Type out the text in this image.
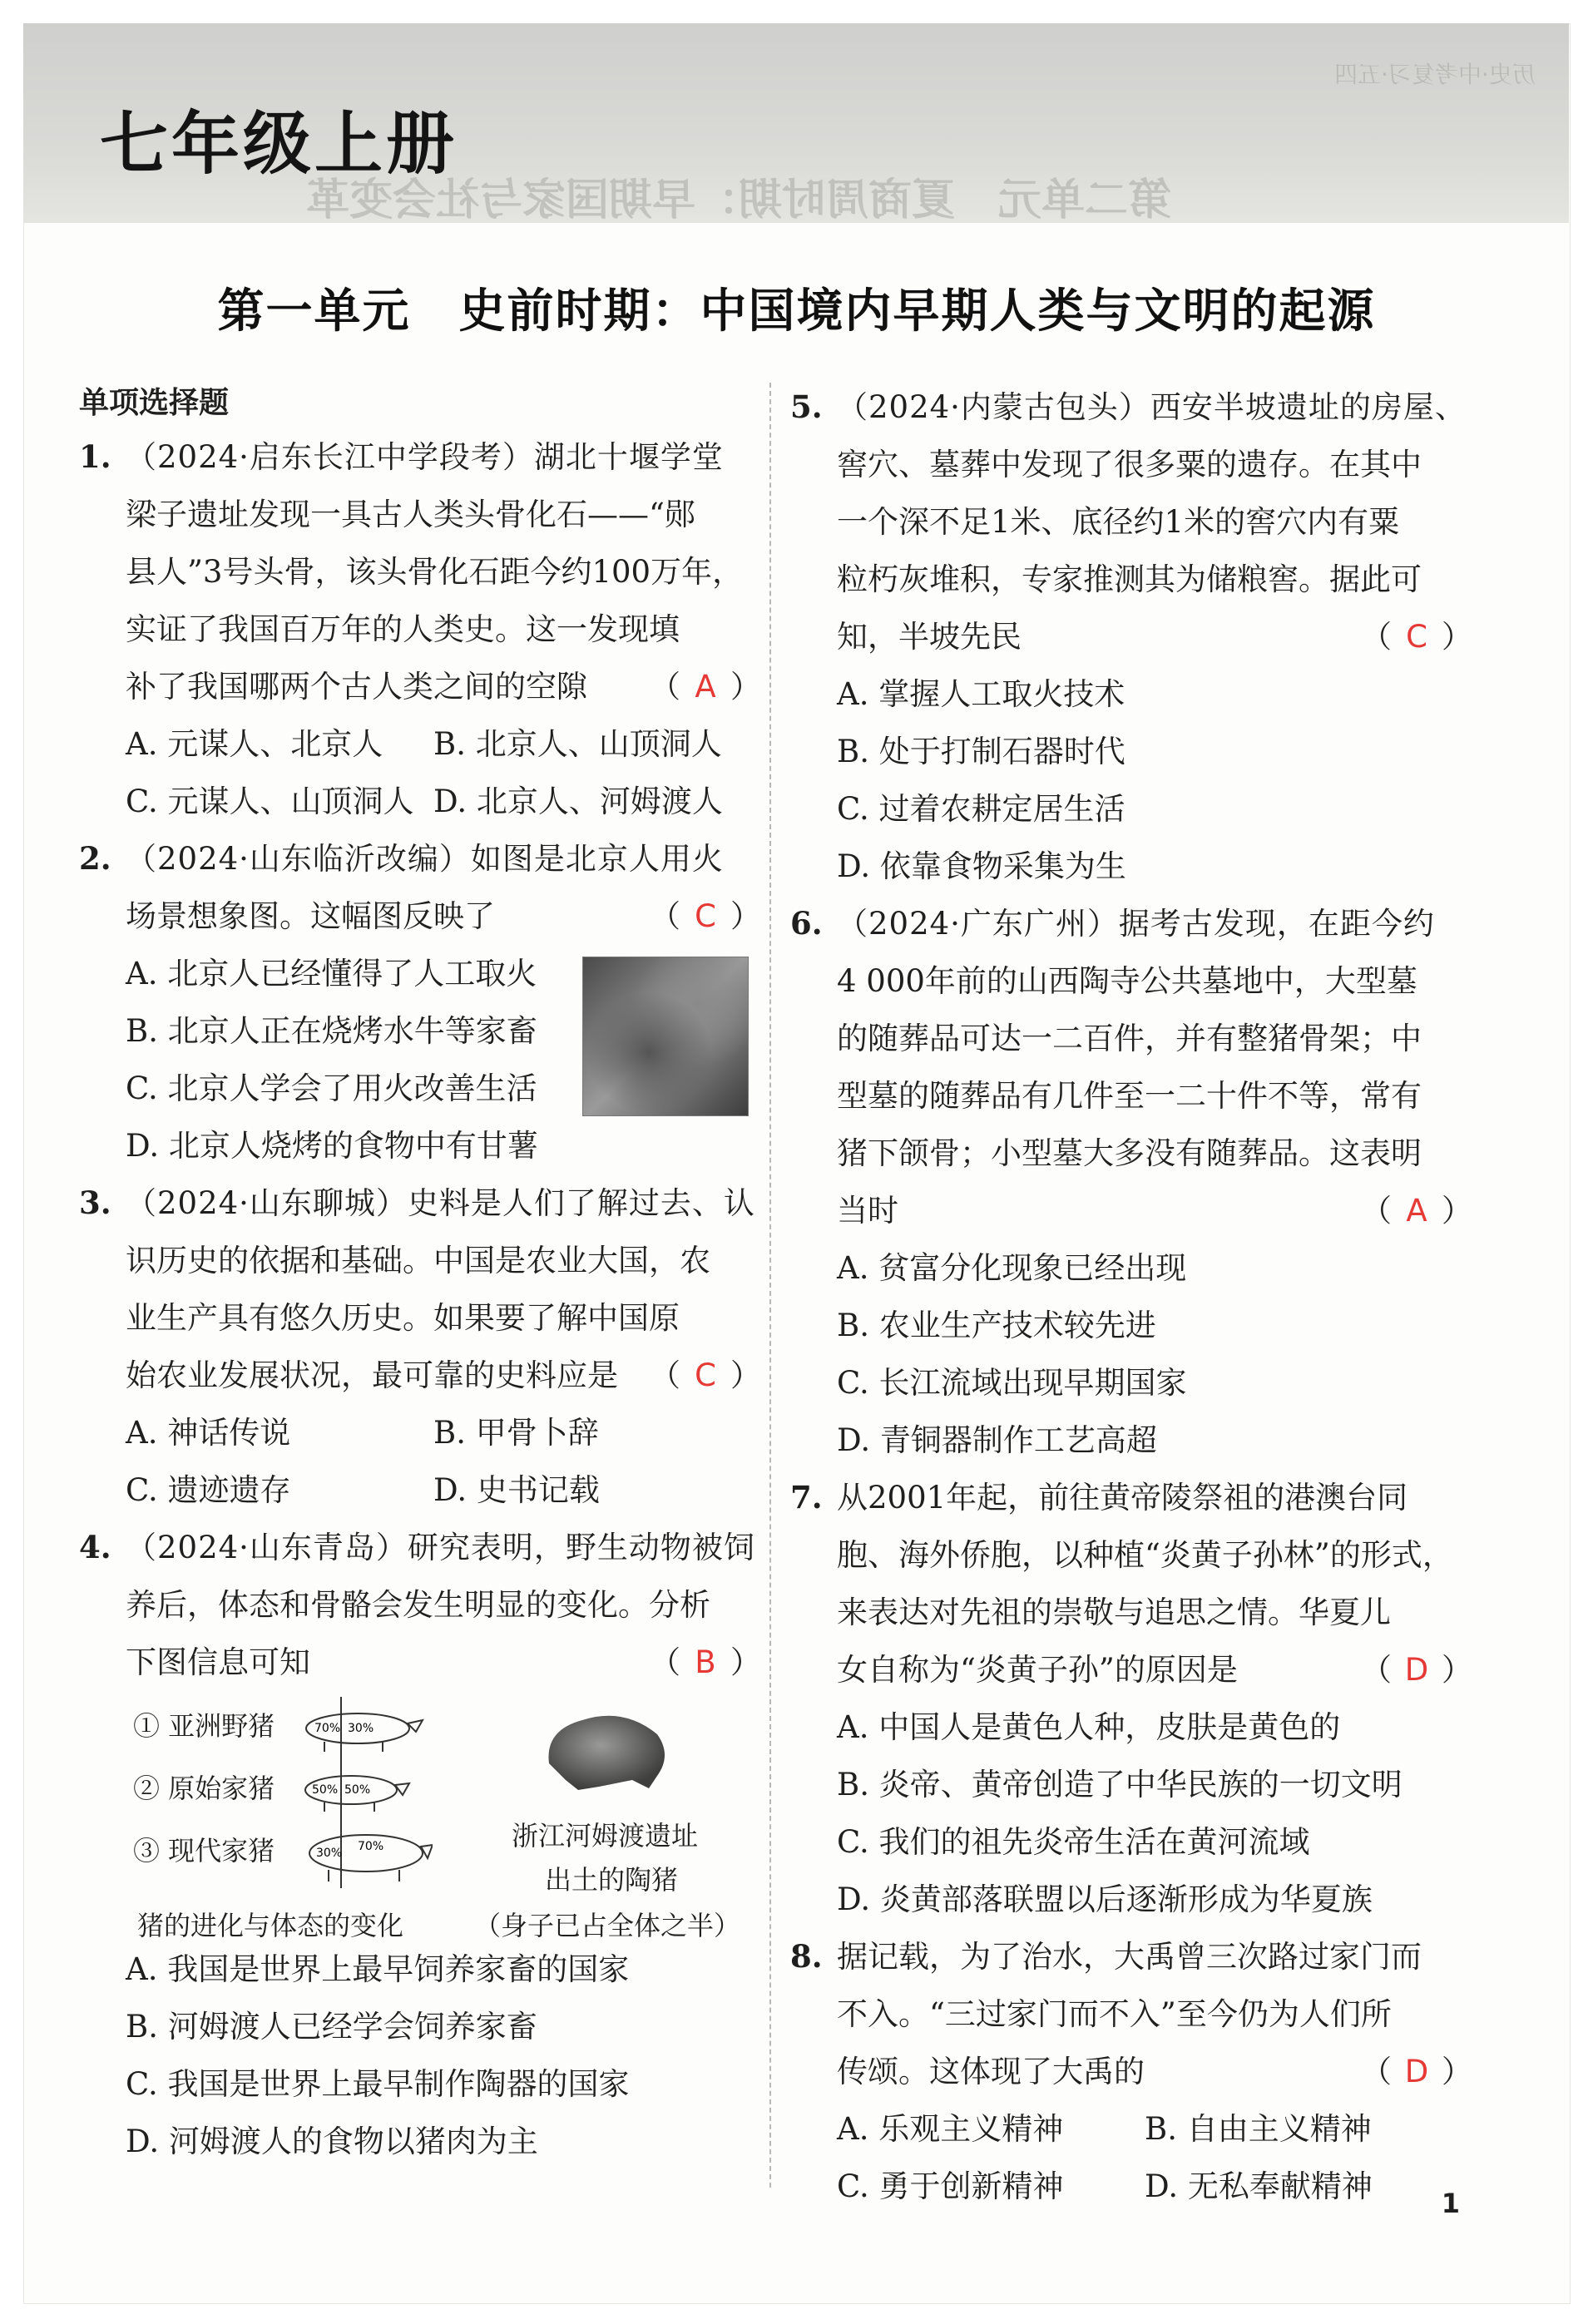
历史·中考复习·五四
第二单元　夏商周时期：早期国家与社会变革
七年级上册
第一单元　史前时期：中国境内早期人类与文明的起源
单项选择题
1. （2024·启东长江中学段考）湖北十堰学堂
梁子遗址发现一具古人类头骨化石——“郧
县人”3号头骨，该头骨化石距今约100万年，
实证了我国百万年的人类史。这一发现填
补了我国哪两个古人类之间的空隙 （ A ）
A. 元谋人、北京人	B. 北京人、山顶洞人
C. 元谋人、山顶洞人 D. 北京人、河姆渡人
2. （2024·山东临沂改编）如图是北京人用火
场景想象图。这幅图反映了	（ C ）
A. 北京人已经懂得了人工取火
B. 北京人正在烧烤水牛等家畜
C. 北京人学会了用火改善生活
D. 北京人烧烤的食物中有甘薯
3. （2024·山东聊城）史料是人们了解过去、认
识历史的依据和基础。中国是农业大国，农
业生产具有悠久历史。如果要了解中国原
始农业发展状况，最可靠的史料应是 （ C ）
A. 神话传说	B. 甲骨卜辞
C. 遗迹遗存	D. 史书记载
4. （2024·山东青岛）研究表明，野生动物被饲
养后，体态和骨骼会发生明显的变化。分析
下图信息可知	（ B ）
A. 我国是世界上最早饲养家畜的国家
B. 河姆渡人已经学会饲养家畜
C. 我国是世界上最早制作陶器的国家
D. 河姆渡人的食物以猪肉为主
① 亚洲野猪
② 原始家猪
③ 现代家猪
70% 30%
50% 50%
30% 70%
猪的进化与体态的变化
浙江河姆渡遗址
出土的陶猪
（身子已占全体之半）
5. （2024·内蒙古包头）西安半坡遗址的房屋、
窖穴、墓葬中发现了很多粟的遗存。在其中
一个深不足1米、底径约1米的窖穴内有粟
粒朽灰堆积，专家推测其为储粮窖。据此可
知，半坡先民	（ C ）
A. 掌握人工取火技术
B. 处于打制石器时代
C. 过着农耕定居生活
D. 依靠食物采集为生
6. （2024·广东广州）据考古发现，在距今约
4 000年前的山西陶寺公共墓地中，大型墓
的随葬品可达一二百件，并有整猪骨架；中
型墓的随葬品有几件至一二十件不等，常有
猪下颌骨；小型墓大多没有随葬品。这表明
当时	（ A ）
A. 贫富分化现象已经出现
B. 农业生产技术较先进
C. 长江流域出现早期国家
D. 青铜器制作工艺高超
7. 从2001年起，前往黄帝陵祭祖的港澳台同
胞、海外侨胞，以种植“炎黄子孙林”的形式，
来表达对先祖的崇敬与追思之情。华夏儿
女自称为“炎黄子孙”的原因是	（ D ）
A. 中国人是黄色人种，皮肤是黄色的
B. 炎帝、黄帝创造了中华民族的一切文明
C. 我们的祖先炎帝生活在黄河流域
D. 炎黄部落联盟以后逐渐形成为华夏族
8. 据记载，为了治水，大禹曾三次路过家门而
不入。“三过家门而不入”至今仍为人们所
传颂。这体现了大禹的	（ D ）
A. 乐观主义精神	B. 自由主义精神
C. 勇于创新精神	D. 无私奉献精神	1
